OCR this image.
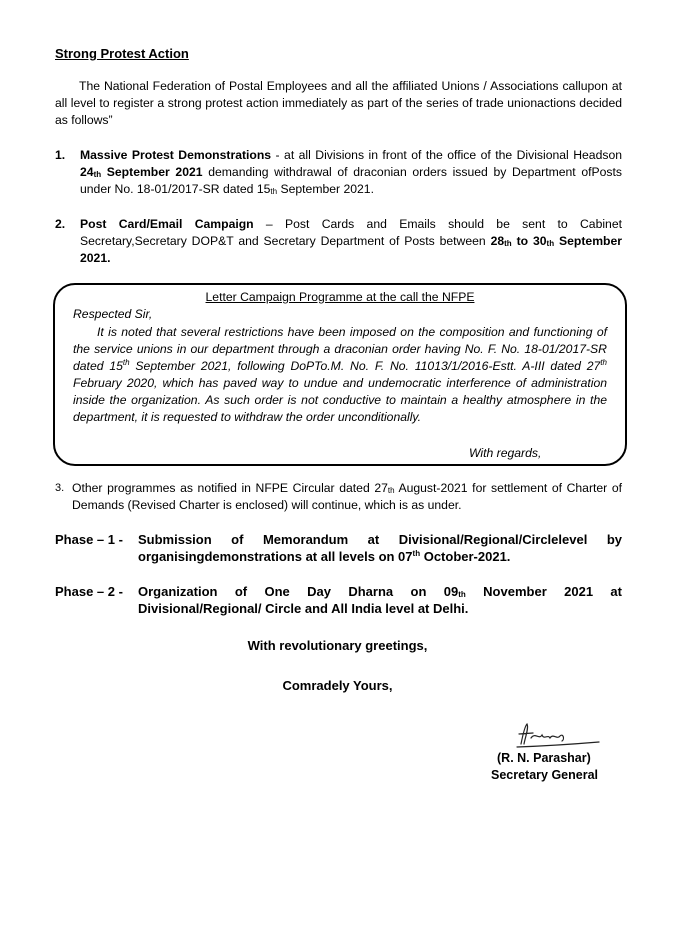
Strong Protest Action
The National Federation of Postal Employees and all the affiliated Unions / Associations callupon at all level to register a strong protest action immediately as part of the series of trade unionactions decided as follows”
1. Massive Protest Demonstrations - at all Divisions in front of the office of the Divisional Headson $24_{th}$ September 2021 demanding withdrawal of draconian orders issued by Department ofPosts under No. 18-01/2017-SR dated $15_{th}$ September 2021.
2. Post Card/Email Campaign – Post Cards and Emails should be sent to Cabinet Secretary,Secretary DOP&T and Secretary Department of Posts between $28_{th}$ to $30_{th}$ September 2021.
Letter Campaign Programme at the call the NFPE
Respected Sir,
It is noted that several restrictions have been imposed on the composition and functioning of the service unions in our department through a draconian order having No. F. No. 18-01/2017-SR dated 15th September 2021, following DoPTo.M. No. F. No. 11013/1/2016-Estt. A-III dated 27th February 2020, which has paved way to undue and undemocratic interference of administration inside the organization. As such order is not conductive to maintain a healthy atmosphere in the department, it is requested to withdraw the order unconditionally.
With regards,
3. Other programmes as notified in NFPE Circular dated $27_{th}$ August-2021 for settlement of Charter of Demands (Revised Charter is enclosed) will continue, which is as under.
Phase – 1 - Submission of Memorandum at Divisional/Regional/Circlelevel by organisingdemonstrations at all levels on 07th October-2021.
Phase – 2 - Organization of One Day Dharna on $09_{th}$ November 2021 at Divisional/Regional/ Circle and All India level at Delhi.
With revolutionary greetings,
Comradely Yours,
(R. N. Parashar)
Secretary General
